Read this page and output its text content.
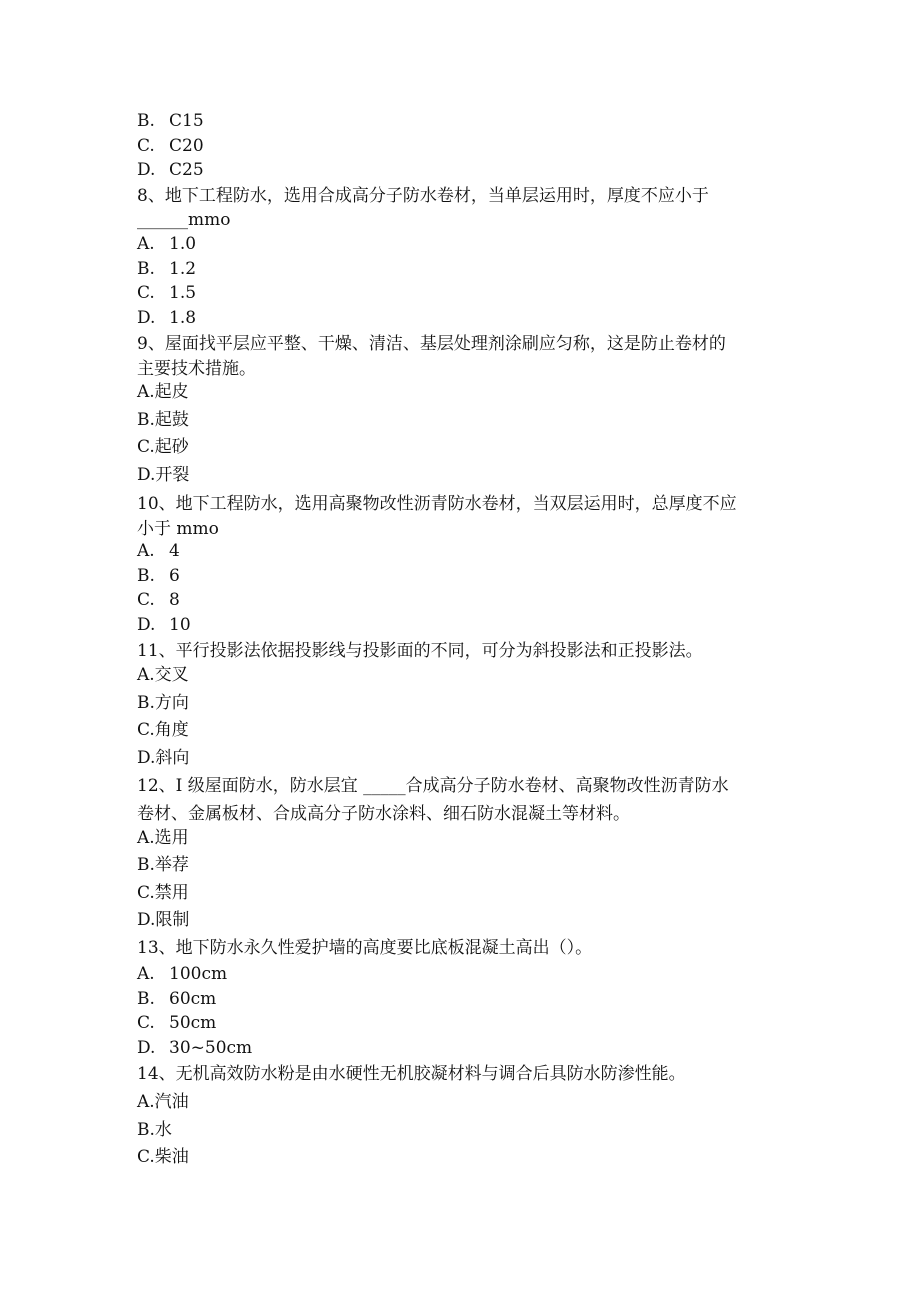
B. C15
C. C20
D. C25
8、地下工程防水，选用合成高分子防水卷材，当单层运用时，厚度不应小于
______mmo
A. 1.0
B. 1.2
C. 1.5
D. 1.8
9、屋面找平层应平整、干燥、清洁、基层处理剂涂刷应匀称，这是防止卷材的
主要技术措施。
A.起皮
B.起鼓
C.起砂
D.开裂
10、地下工程防水，选用高聚物改性沥青防水卷材，当双层运用时，总厚度不应
小于 mmo
A. 4
B. 6
C. 8
D. 10
11、平行投影法依据投影线与投影面的不同，可分为斜投影法和正投影法。
A.交叉
B.方向
C.角度
D.斜向
12、I 级屋面防水，防水层宜 _____合成高分子防水卷材、高聚物改性沥青防水
卷材、金属板材、合成高分子防水涂料、细石防水混凝土等材料。
A.选用
B.举荐
C.禁用
D.限制
13、地下防水永久性爱护墙的高度要比底板混凝土高出（）。
A. 100cm
B. 60cm
C. 50cm
D. 30~50cm
14、无机高效防水粉是由水硬性无机胶凝材料与调合后具防水防渗性能。
A.汽油
B.水
C.柴油
